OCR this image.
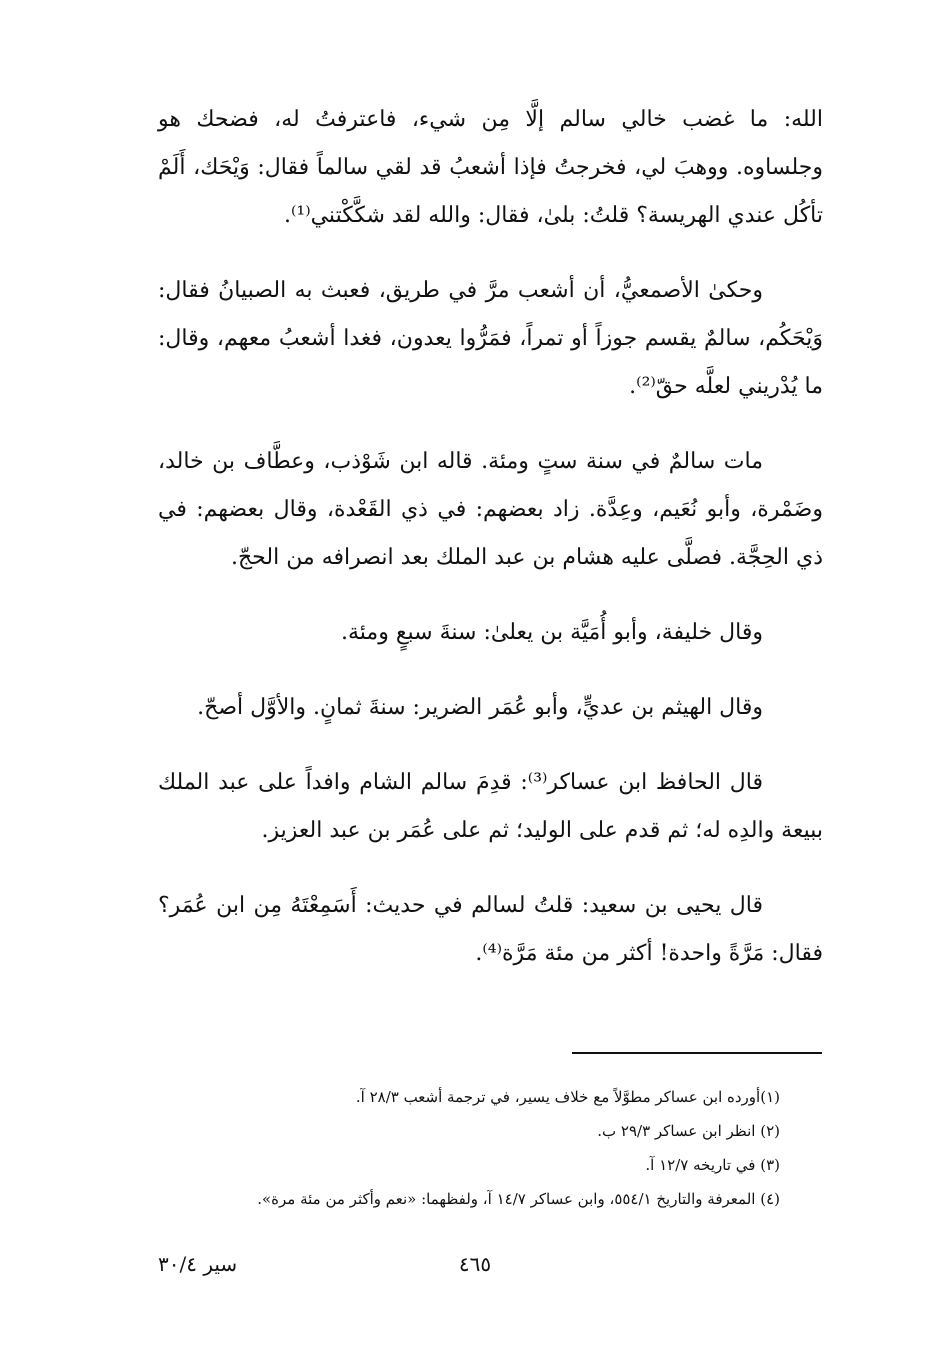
الله: ما غضب خالي سالم إلَّا مِن شيء، فاعترفتُ له، فضحك هو وجلساوه. ووهبَ لي، فخرجتُ فإذا أشعبُ قد لقي سالماً فقال: وَيْحَك، أَلَمْ تأكُل عندي الهريسة؟ قلتُ: بلىٰ، فقال: والله لقد شكَّكْتني⁽¹⁾.

وحكىٰ الأصمعيُّ، أن أشعب مرَّ في طريق، فعبث به الصبيانُ فقال: وَيْحَكُم، سالمٌ يقسم جوزاً أو تمراً، فمَرُّوا يعدون، فغدا أشعبُ معهم، وقال: ما يُدْريني لعلَّه حقّ⁽²⁾.

مات سالمٌ في سنة ستٍ ومئة. قاله ابن شَوْذب، وعطَّاف بن خالد، وضَمْرة، وأبو نُعَيم، وعِدَّة. زاد بعضهم: في ذي القَعْدة، وقال بعضهم: في ذي الحِجَّة. فصلَّى عليه هشام بن عبد الملك بعد انصرافه من الحجّ.

وقال خليفة، وأبو أُمَيَّة بن يعلىٰ: سنةَ سبعٍ ومئة.

وقال الهيثم بن عديٍّ، وأبو عُمَر الضرير: سنةَ ثمانٍ. والأوَّل أصحّ.

قال الحافظ ابن عساكر⁽³⁾: قدِمَ سالم الشام وافداً على عبد الملك ببيعة والدِه له؛ ثم قدم على الوليد؛ ثم على عُمَر بن عبد العزيز.

قال يحيى بن سعيد: قلتُ لسالم في حديث: أَسَمِعْتَهُ مِن ابن عُمَر؟ فقال: مَرَّةً واحدة! أكثر من مئة مَرَّة⁽⁴⁾.

(١)أورده ابن عساكر مطوَّلاً مع خلاف يسير، في ترجمة أشعب ٢٨/٣ آ.

(٢) انظر ابن عساكر ٢٩/٣ ب.

(٣) في تاريخه ١٢/٧ آ.

(٤) المعرفة والتاريخ ٥٥٤/١، وابن عساكر ١٤/٧ آ، ولفظهما: «نعم وأكثر من مئة مرة».

٤٦٥
سير ٣٠/٤
